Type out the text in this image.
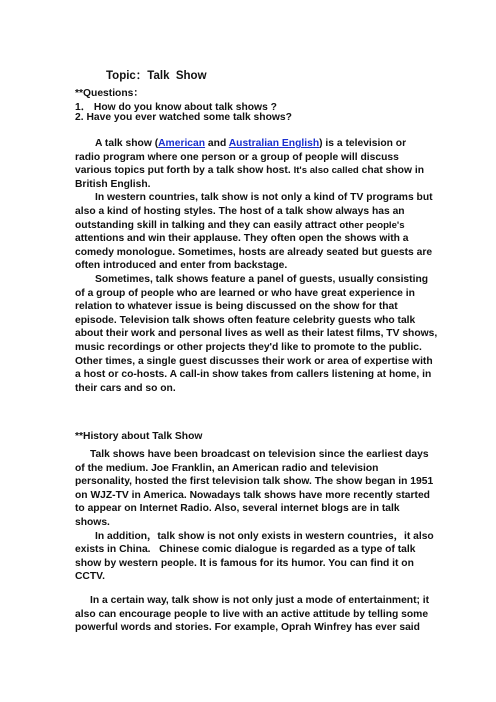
Topic：Talk  Show
**Questions：
1． How do you know about talk shows ?
2. Have you ever watched some talk shows?
A talk show (American and Australian English) is a television or
radio program where one person or a group of people will discuss
various topics put forth by a talk show host. It's also called chat show in
British English.
In western countries, talk show is not only a kind of TV programs but
also a kind of hosting styles. The host of a talk show always has an
outstanding skill in talking and they can easily attract other people's
attentions and win their applause. They often open the shows with a
comedy monologue. Sometimes, hosts are already seated but guests are
often introduced and enter from backstage.
Sometimes, talk shows feature a panel of guests, usually consisting
of a group of people who are learned or who have great experience in
relation to whatever issue is being discussed on the show for that
episode. Television talk shows often feature celebrity guests who talk
about their work and personal lives as well as their latest films, TV shows,
music recordings or other projects they'd like to promote to the public.
Other times, a single guest discusses their work or area of expertise with
a host or co-hosts. A call-in show takes from callers listening at home, in
their cars and so on.
**History about Talk Show
Talk shows have been broadcast on television since the earliest days
of the medium. Joe Franklin, an American radio and television
personality, hosted the first television talk show. The show began in 1951
on WJZ-TV in America. Nowadays talk shows have more recently started
to appear on Internet Radio. Also, several internet blogs are in talk
shows.
In addition，talk show is not only exists in western countries，it also
exists in China.   Chinese comic dialogue is regarded as a type of talk
show by western people. It is famous for its humor. You can find it on
CCTV.
In a certain way, talk show is not only just a mode of entertainment; it
also can encourage people to live with an active attitude by telling some
powerful words and stories. For example, Oprah Winfrey has ever said
